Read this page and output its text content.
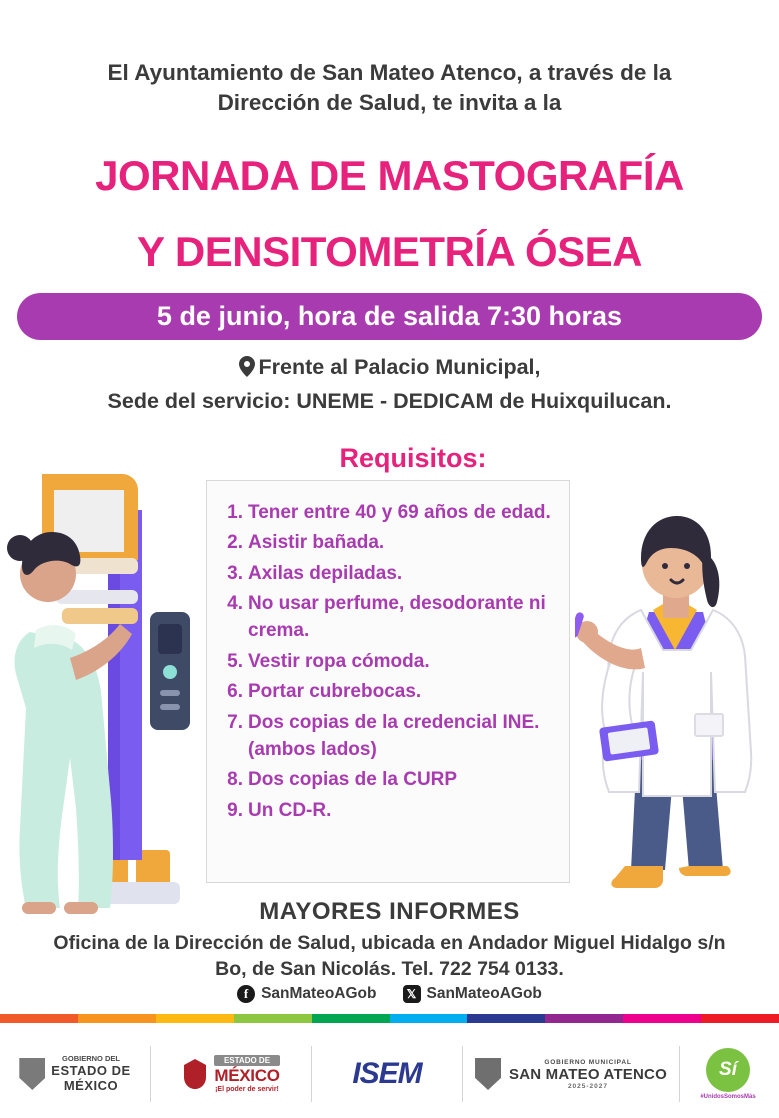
El Ayuntamiento de San Mateo Atenco, a través de la
Dirección de Salud, te invita a la
JORNADA DE MASTOGRAFÍA
Y DENSITOMETRÍA ÓSEA
5 de junio, hora de salida 7:30 horas
Frente al Palacio Municipal,
Sede del servicio: UNEME - DEDICAM de Huixquilucan.
Requisitos:
1. Tener entre 40 y 69 años de edad.
2. Asistir bañada.
3. Axilas depiladas.
4. No usar perfume, desodorante ni crema.
5. Vestir ropa cómoda.
6. Portar cubrebocas.
7. Dos copias de la credencial INE. (ambos lados)
8. Dos copias de la CURP
9. Un CD-R.
MAYORES INFORMES
Oficina de la Dirección de Salud, ubicada en Andador Miguel Hidalgo s/n
Bo, de San Nicolás. Tel. 722 754 0133.
f SanMateoAGob	𝕏 SanMateoAGob
GOBIERNO DEL
ESTADO DE
MÉXICO
ESTADO DE
MÉXICO
¡El poder de servir! ISEM	GOBIERNO MUNICIPAL
SAN MATEO ATENCO
2025-2027
Sí
#UnidosSomosMás
